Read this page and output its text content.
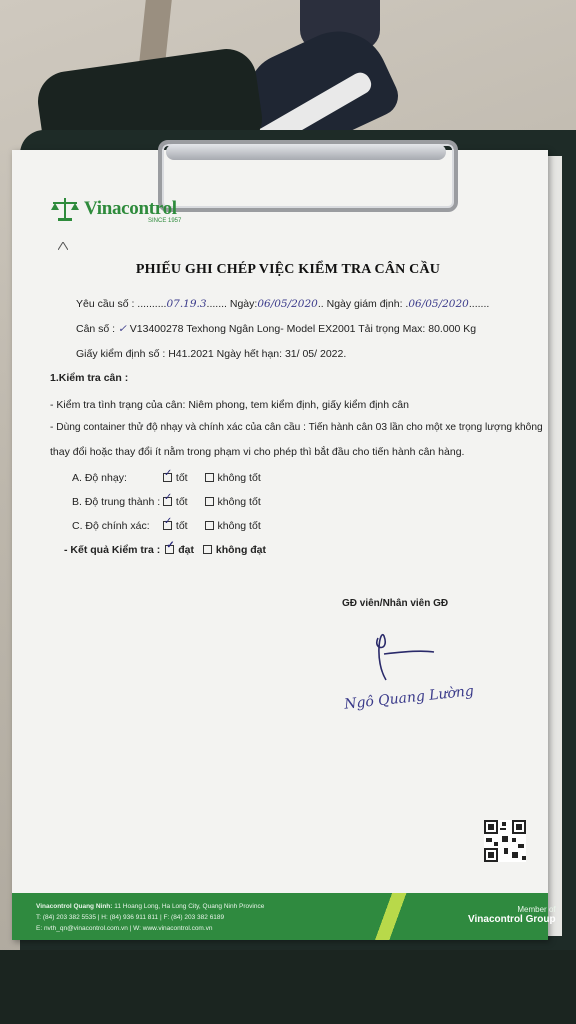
Vinacontrol
SINCE 1957
PHIẾU GHI CHÉP VIỆC KIỂM TRA CÂN CẦU
Yêu cầu số : ..........07.19.3....... Ngày:06/05/2020.. Ngày giám định: .06/05/2020.......
Cân số : ✓ V13400278 Texhong Ngân Long- Model EX2001 Tải trọng Max: 80.000 Kg
Giấy kiểm định số : H41.2021 Ngày hết hạn: 31/ 05/ 2022.
1.Kiểm tra cân :
- Kiểm tra tình trạng của cân: Niêm phong, tem kiểm định, giấy kiểm định cân
- Dùng container thử độ nhạy và chính xác của cân cầu : Tiến hành cân 03 lần cho một xe trọng lượng không
thay đổi hoặc thay đổi ít nằm trong phạm vi cho phép thì bắt đầu cho tiến hành cân hàng.
A. Độ nhạy: ✓	tốt	không tốt
B. Độ trung thành : ✓ tốt	không tốt
C. Độ chính xác: ✓	tốt	không tốt
- Kết quả Kiểm tra : ✓ đạt không đạt
GĐ viên/Nhân viên GĐ
Ngô Quang Lường
Vinacontrol Quang Ninh: 11 Hoang Long, Ha Long City, Quang Ninh Province
T: (84) 203 382 5535 | H: (84) 936 911 811 | F: (84) 203 382 6189
E: nvth_qn@vinacontrol.com.vn | W: www.vinacontrol.com.vn
Member of
Vinacontrol Group
